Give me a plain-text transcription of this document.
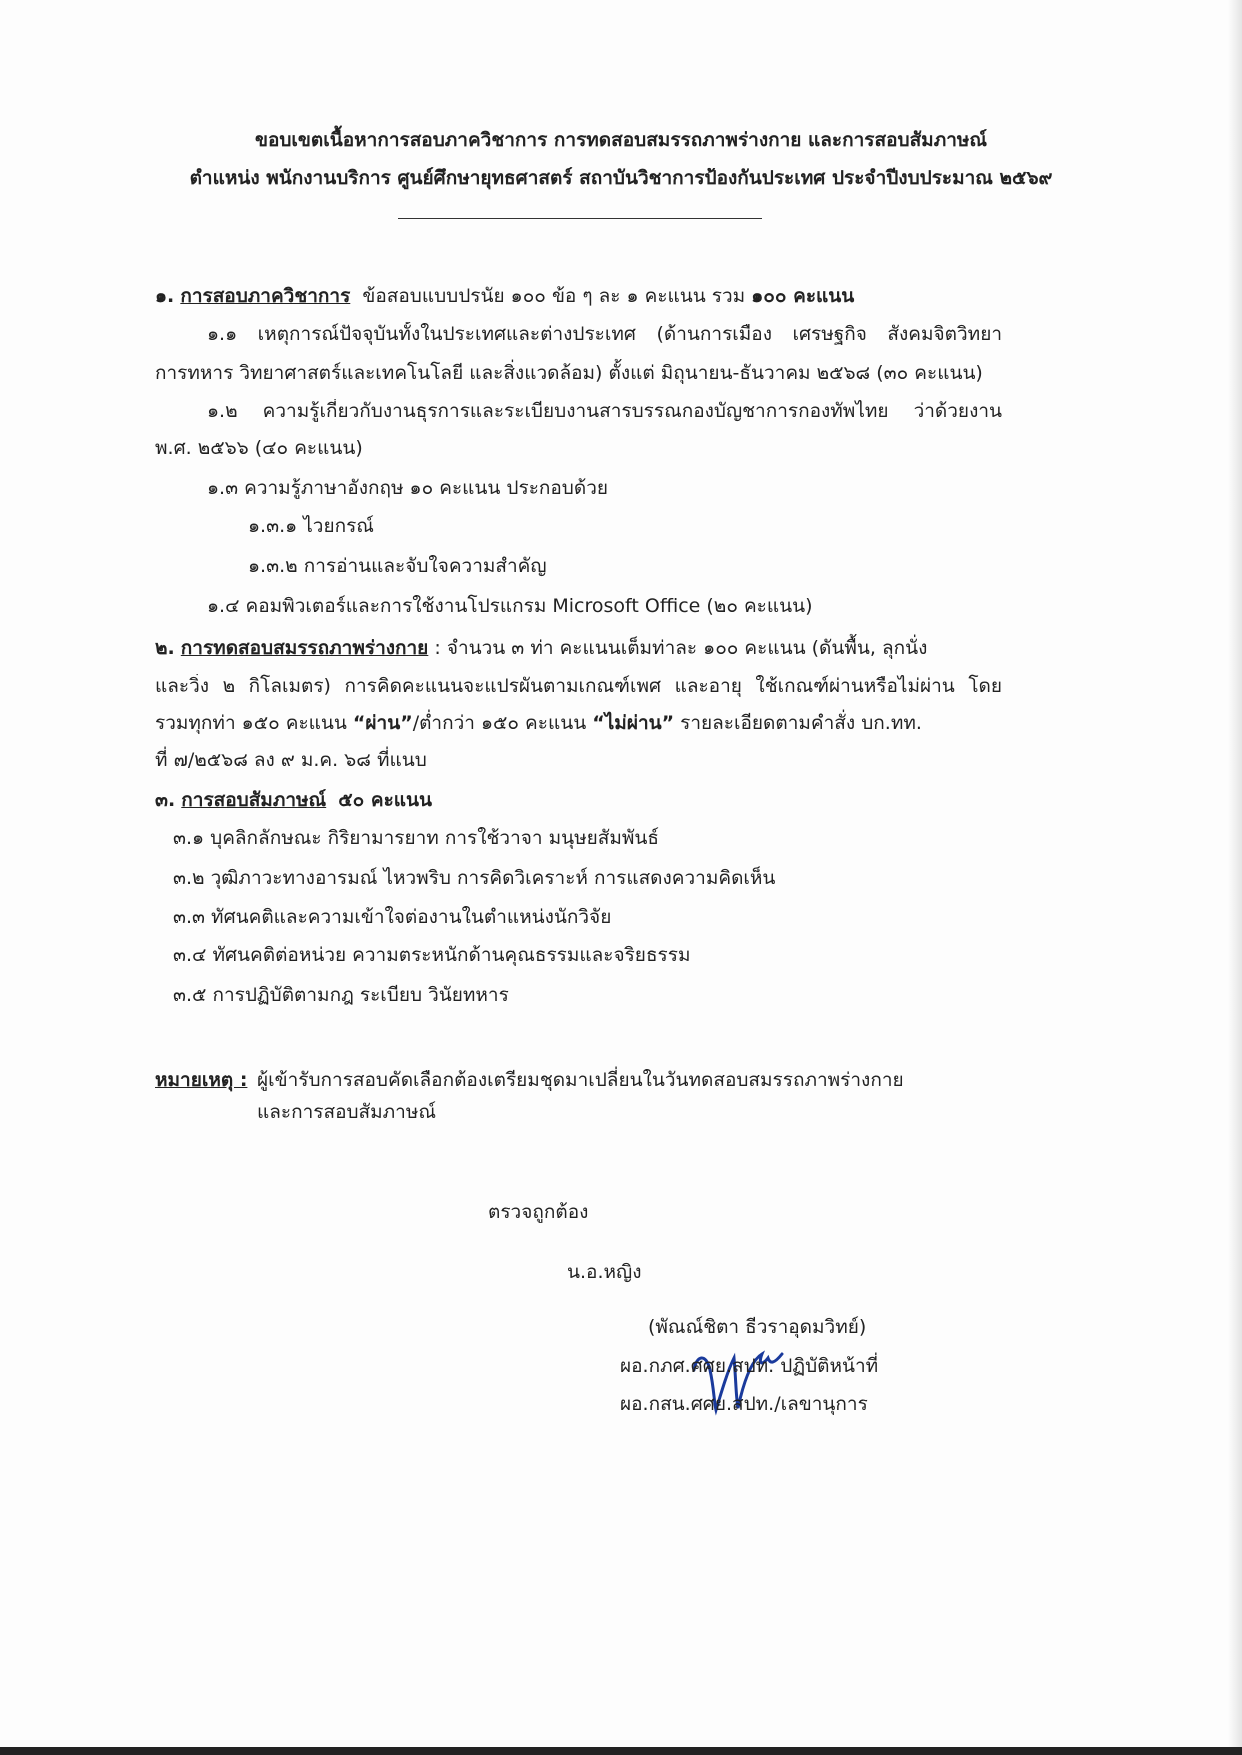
ขอบเขตเนื้อหาการสอบภาควิชาการ การทดสอบสมรรถภาพร่างกาย และการสอบสัมภาษณ์
ตำแหน่ง พนักงานบริการ ศูนย์ศึกษายุทธศาสตร์ สถาบันวิชาการป้องกันประเทศ ประจำปีงบประมาณ ๒๕๖๙
๑. การสอบภาควิชาการ ข้อสอบแบบปรนัย ๑๐๐ ข้อ ๆ ละ ๑ คะแนน รวม ๑๐๐ คะแนน
๑.๑ เหตุการณ์ปัจจุบันทั้งในประเทศและต่างประเทศ (ด้านการเมือง เศรษฐกิจ สังคมจิตวิทยา
การทหาร วิทยาศาสตร์และเทคโนโลยี และสิ่งแวดล้อม) ตั้งแต่ มิถุนายน-ธันวาคม ๒๕๖๘ (๓๐ คะแนน)
๑.๒ ความรู้เกี่ยวกับงานธุรการและระเบียบงานสารบรรณกองบัญชาการกองทัพไทย ว่าด้วยงาน
พ.ศ. ๒๕๖๖ (๔๐ คะแนน)
๑.๓ ความรู้ภาษาอังกฤษ ๑๐ คะแนน ประกอบด้วย
๑.๓.๑ ไวยกรณ์
๑.๓.๒ การอ่านและจับใจความสำคัญ
๑.๔ คอมพิวเตอร์และการใช้งานโปรแกรม Microsoft Office (๒๐ คะแนน)
๒. การทดสอบสมรรถภาพร่างกาย : จำนวน ๓ ท่า คะแนนเต็มท่าละ ๑๐๐ คะแนน (ดันพื้น, ลุกนั่ง
และวิ่ง ๒ กิโลเมตร) การคิดคะแนนจะแปรผันตามเกณฑ์เพศ และอายุ ใช้เกณฑ์ผ่านหรือไม่ผ่าน โดย
รวมทุกท่า ๑๕๐ คะแนน “ผ่าน”/ต่ำกว่า ๑๕๐ คะแนน “ไม่ผ่าน” รายละเอียดตามคำสั่ง บก.ทท.
ที่ ๗/๒๕๖๘ ลง ๙ ม.ค. ๖๘ ที่แนบ
๓. การสอบสัมภาษณ์ ๕๐ คะแนน
๓.๑ บุคลิกลักษณะ กิริยามารยาท การใช้วาจา มนุษยสัมพันธ์
๓.๒ วุฒิภาวะทางอารมณ์ ไหวพริบ การคิดวิเคราะห์ การแสดงความคิดเห็น
๓.๓ ทัศนคติและความเข้าใจต่องานในตำแหน่งนักวิจัย
๓.๔ ทัศนคติต่อหน่วย ความตระหนักด้านคุณธรรมและจริยธรรม
๓.๕ การปฏิบัติตามกฎ ระเบียบ วินัยทหาร
หมายเหตุ : ผู้เข้ารับการสอบคัดเลือกต้องเตรียมชุดมาเปลี่ยนในวันทดสอบสมรรถภาพร่างกาย
และการสอบสัมภาษณ์
ตรวจถูกต้อง
น.อ.หญิง
(พัณณ์ชิตา ธีวราอุดมวิทย์)
ผอ.กภศ.ศศย.สปท. ปฏิบัติหน้าที่
ผอ.กสน.ศศย.สปท./เลขานุการ
